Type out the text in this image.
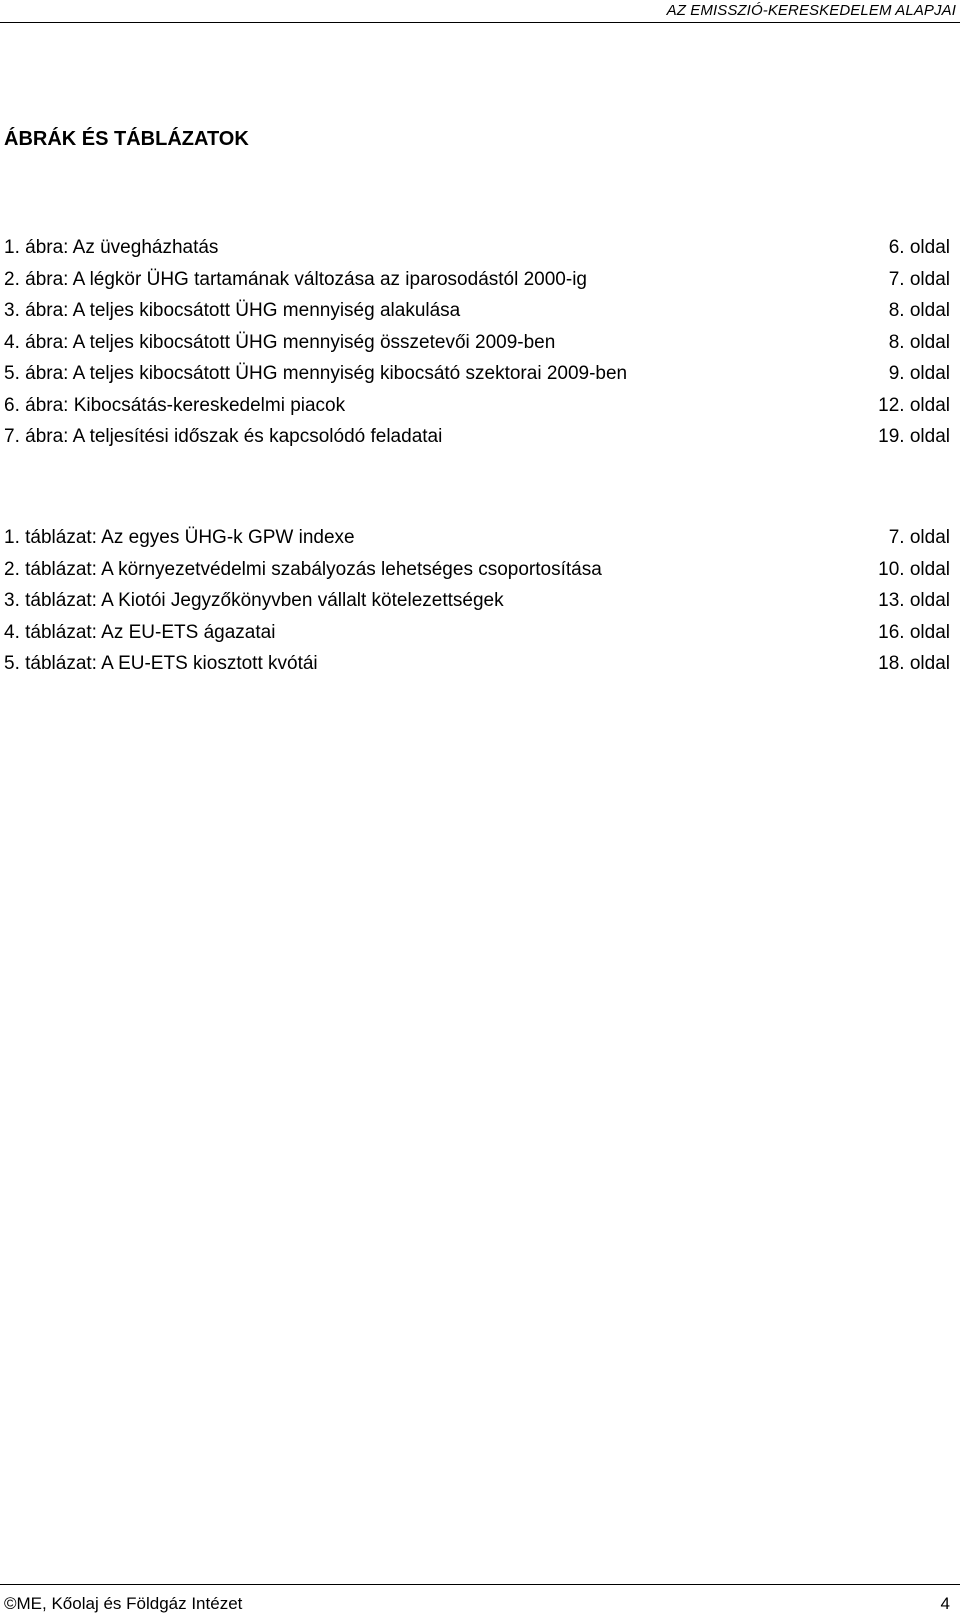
AZ EMISSZIÓ-KERESKEDELEM ALAPJAI
ÁBRÁK ÉS TÁBLÁZATOK
1. ábra: Az üvegházhatás	6. oldal
2. ábra: A légkör ÜHG tartamának változása az iparosodástól 2000-ig	7. oldal
3. ábra: A teljes kibocsátott ÜHG mennyiség alakulása	8. oldal
4. ábra: A teljes kibocsátott ÜHG mennyiség összetevői 2009-ben	8. oldal
5. ábra: A teljes kibocsátott ÜHG mennyiség kibocsátó szektorai 2009-ben	9. oldal
6. ábra: Kibocsátás-kereskedelmi piacok	12. oldal
7. ábra: A teljesítési időszak és kapcsolódó feladatai	19. oldal
1. táblázat: Az egyes ÜHG-k GPW indexe	7. oldal
2. táblázat: A környezetvédelmi szabályozás lehetséges csoportosítása	10. oldal
3. táblázat: A Kiotói Jegyzőkönyvben vállalt kötelezettségek	13. oldal
4. táblázat: Az EU-ETS ágazatai	16. oldal
5. táblázat: A EU-ETS kiosztott kvótái	18. oldal
©ME, Kőolaj és Földgáz Intézet	4
